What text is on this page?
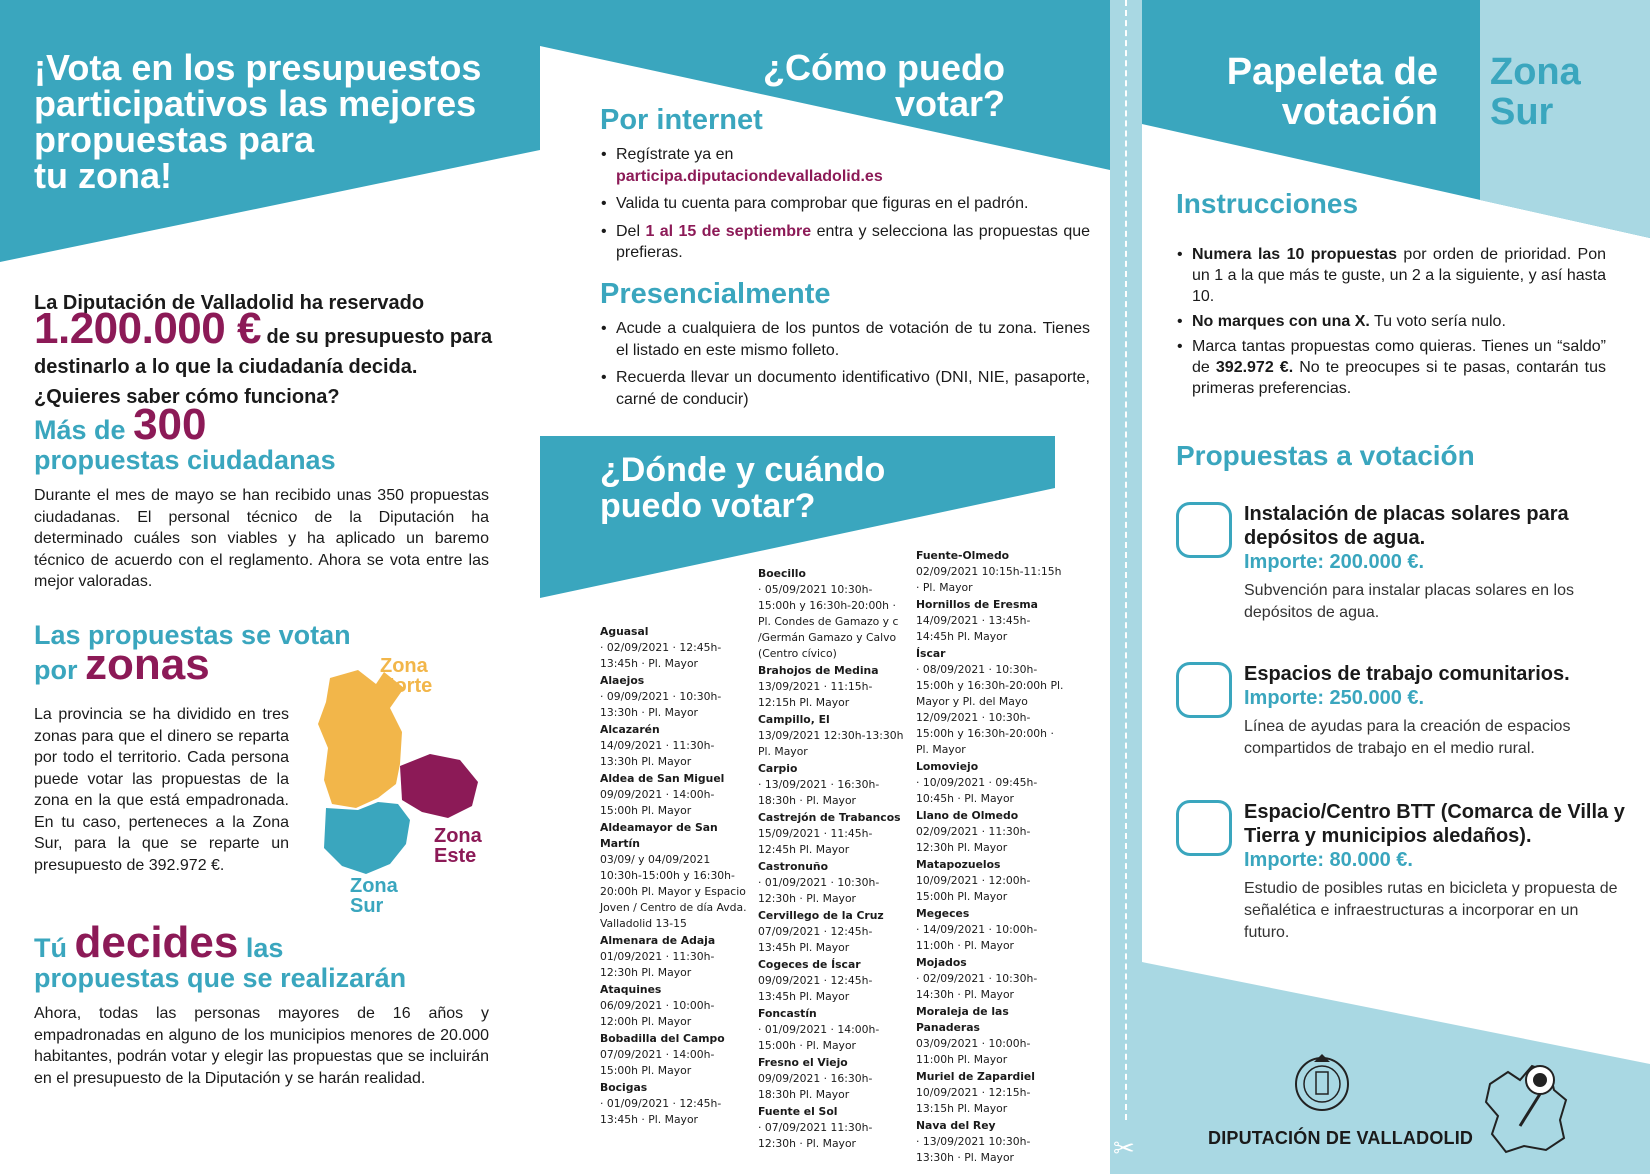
¡Vota en los presupuestos
participativos las mejores
propuestas para
tu zona!
La Diputación de Valladolid ha reservado
1.200.000 € de su presupuesto para destinarlo a lo que la ciudadanía decida. ¿Quieres saber cómo funciona?
Más de 300
propuestas ciudadanas

Durante el mes de mayo se han recibido unas 350 propuestas ciudadanas. El personal técnico de la Diputación ha determinado cuáles son viables y ha aplicado un baremo técnico de acuerdo con el reglamento. Ahora se vota entre las mejor valoradas.

Las propuestas se votan
por zonas

La provincia se ha dividido en tres zonas para que el dinero se reparta por todo el territorio. Cada persona puede votar las propuestas de la zona en la que está empadronada. En tu caso, perteneces a la Zona Sur, para la que se reparte un presupuesto de 392.972 €.

Zona
Norte
Zona
Este
Zona
Sur
Tú decides las
propuestas que se realizarán

Ahora, todas las personas mayores de 16 años y empadronadas en alguno de los municipios menores de 20.000 habitantes, podrán votar y elegir las propuestas que se incluirán en el presupuesto de la Diputación y se harán realidad.

¿Cómo puedo
votar?
Por internet
• Regístrate ya en
participa.diputaciondevalladolid.es
• Valida tu cuenta para comprobar que figuras en el padrón.
• Del 1 al 15 de septiembre entra y selecciona las propuestas que prefieras.
Presencialmente
• Acude a cualquiera de los puntos de votación de tu zona. Tienes el listado en este mismo folleto.
• Recuerda llevar un documento identificativo (DNI, NIE, pasaporte, carné de conducir)
¿Dónde y cuándo
puedo votar?
Aguasal
· 02/09/2021 · 12:45h-13:45h · Pl. Mayor
Alaejos
· 09/09/2021 · 10:30h-13:30h · Pl. Mayor
Alcazarén
14/09/2021 · 11:30h-13:30h Pl. Mayor
Aldea de San Miguel
09/09/2021 · 14:00h-15:00h Pl. Mayor
Aldeamayor de San Martín
03/09/ y 04/09/2021 10:30h-15:00h y 16:30h-20:00h Pl. Mayor y Espacio Joven / Centro de día Avda. Valladolid 13-15
Almenara de Adaja
01/09/2021 · 11:30h-12:30h Pl. Mayor
Ataquines
06/09/2021 · 10:00h-12:00h Pl. Mayor
Bobadilla del Campo
07/09/2021 · 14:00h-15:00h Pl. Mayor
Bocigas
· 01/09/2021 · 12:45h-13:45h · Pl. Mayor
Boecillo
· 05/09/2021 10:30h-15:00h y 16:30h-20:00h · Pl. Condes de Gamazo y c /Germán Gamazo y Calvo (Centro cívico)
Brahojos de Medina
13/09/2021 · 11:15h-12:15h Pl. Mayor
Campillo, El
13/09/2021 12:30h-13:30h Pl. Mayor
Carpio
· 13/09/2021 · 16:30h-18:30h · Pl. Mayor
Castrejón de Trabancos
15/09/2021 · 11:45h-12:45h Pl. Mayor
Castronuño
· 01/09/2021 · 10:30h-12:30h · Pl. Mayor
Cervillego de la Cruz
07/09/2021 · 12:45h-13:45h Pl. Mayor
Cogeces de Íscar
09/09/2021 · 12:45h-13:45h Pl. Mayor
Foncastín
· 01/09/2021 · 14:00h-15:00h · Pl. Mayor
Fresno el Viejo
09/09/2021 · 16:30h-18:30h Pl. Mayor
Fuente el Sol
· 07/09/2021 11:30h-12:30h · Pl. Mayor
Fuente-Olmedo
02/09/2021 10:15h-11:15h · Pl. Mayor
Hornillos de Eresma
14/09/2021 · 13:45h-14:45h Pl. Mayor
Íscar
· 08/09/2021 · 10:30h-15:00h y 16:30h-20:00h Pl. Mayor y Pl. del Mayo 12/09/2021 · 10:30h-15:00h y 16:30h-20:00h · Pl. Mayor
Lomoviejo
· 10/09/2021 · 09:45h-10:45h · Pl. Mayor
Llano de Olmedo
02/09/2021 · 11:30h-12:30h Pl. Mayor
Matapozuelos
10/09/2021 · 12:00h-15:00h Pl. Mayor
Megeces
· 14/09/2021 · 10:00h-11:00h · Pl. Mayor
Mojados
· 02/09/2021 · 10:30h-14:30h · Pl. Mayor
Moraleja de las Panaderas
03/09/2021 · 10:00h-11:00h Pl. Mayor
Muriel de Zapardiel
10/09/2021 · 12:15h-13:15h Pl. Mayor
Nava del Rey
· 13/09/2021 10:30h-13:30h · Pl. Mayor	✂
Papeleta de
votación
Zona
Sur
Instrucciones
• Numera las 10 propuestas por orden de prioridad. Pon un 1 a la que más te guste, un 2 a la siguiente, y así hasta 10.
• No marques con una X. Tu voto sería nulo.
• Marca tantas propuestas como quieras. Tienes un “saldo” de 392.972 €. No te preocupes si te pasas, contarán tus primeras preferencias.
Propuestas a votación
Instalación de placas solares para depósitos de agua.
Importe: 200.000 €.
Subvención para instalar placas solares en los depósitos de agua.
Espacios de trabajo comunitarios.
Importe: 250.000 €.
Línea de ayudas para la creación de espacios compartidos de trabajo en el medio rural.
Espacio/Centro BTT (Comarca de Villa y Tierra y municipios aledaños).
Importe: 80.000 €.
Estudio de posibles rutas en bicicleta y propuesta de señalética e infraestructuras a incorporar en un futuro.
DIPUTACIÓN DE VALLADOLID
